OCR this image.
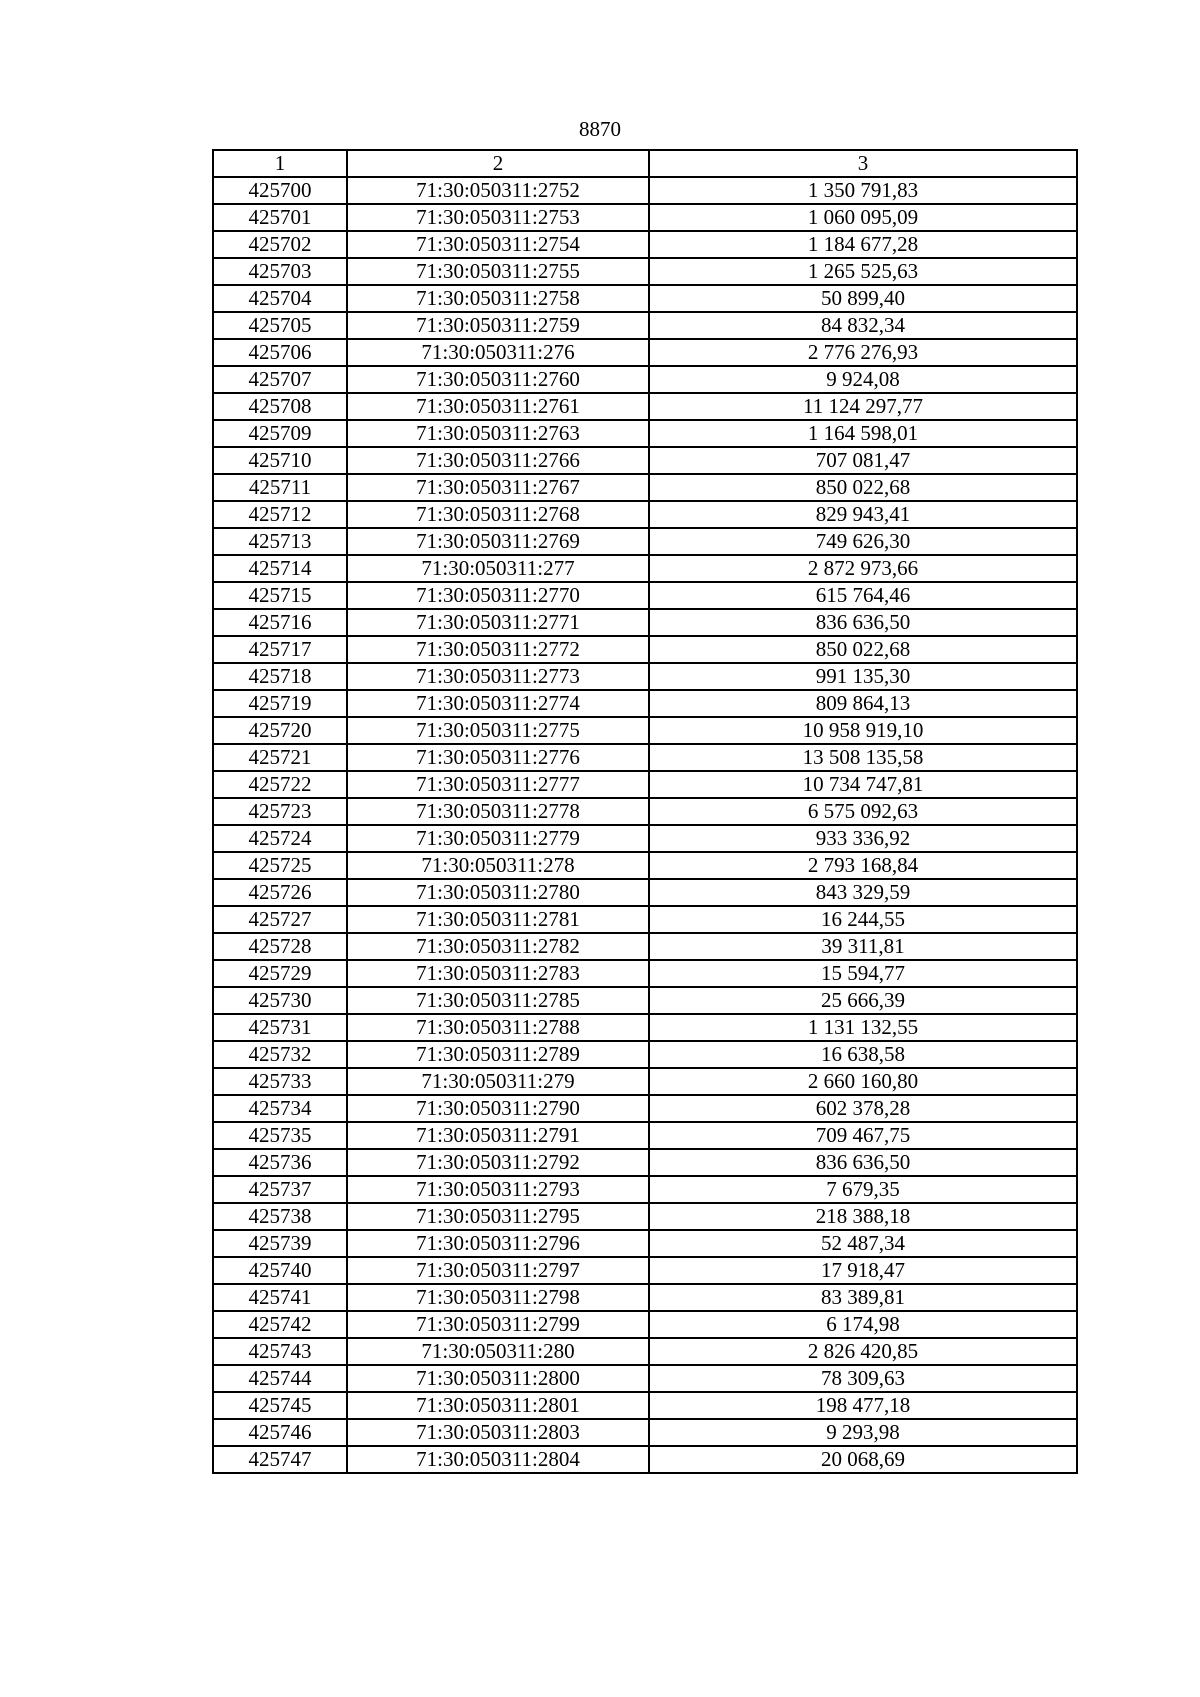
8870
1	2	3
425700	71:30:050311:2752	1 350 791,83
425701	71:30:050311:2753	1 060 095,09
425702	71:30:050311:2754	1 184 677,28
425703	71:30:050311:2755	1 265 525,63
425704	71:30:050311:2758	50 899,40
425705	71:30:050311:2759	84 832,34
425706	71:30:050311:276	2 776 276,93
425707	71:30:050311:2760	9 924,08
425708	71:30:050311:2761	11 124 297,77
425709	71:30:050311:2763	1 164 598,01
425710	71:30:050311:2766	707 081,47
425711	71:30:050311:2767	850 022,68
425712	71:30:050311:2768	829 943,41
425713	71:30:050311:2769	749 626,30
425714	71:30:050311:277	2 872 973,66
425715	71:30:050311:2770	615 764,46
425716	71:30:050311:2771	836 636,50
425717	71:30:050311:2772	850 022,68
425718	71:30:050311:2773	991 135,30
425719	71:30:050311:2774	809 864,13
425720	71:30:050311:2775	10 958 919,10
425721	71:30:050311:2776	13 508 135,58
425722	71:30:050311:2777	10 734 747,81
425723	71:30:050311:2778	6 575 092,63
425724	71:30:050311:2779	933 336,92
425725	71:30:050311:278	2 793 168,84
425726	71:30:050311:2780	843 329,59
425727	71:30:050311:2781	16 244,55
425728	71:30:050311:2782	39 311,81
425729	71:30:050311:2783	15 594,77
425730	71:30:050311:2785	25 666,39
425731	71:30:050311:2788	1 131 132,55
425732	71:30:050311:2789	16 638,58
425733	71:30:050311:279	2 660 160,80
425734	71:30:050311:2790	602 378,28
425735	71:30:050311:2791	709 467,75
425736	71:30:050311:2792	836 636,50
425737	71:30:050311:2793	7 679,35
425738	71:30:050311:2795	218 388,18
425739	71:30:050311:2796	52 487,34
425740	71:30:050311:2797	17 918,47
425741	71:30:050311:2798	83 389,81
425742	71:30:050311:2799	6 174,98
425743	71:30:050311:280	2 826 420,85
425744	71:30:050311:2800	78 309,63
425745	71:30:050311:2801	198 477,18
425746	71:30:050311:2803	9 293,98
425747	71:30:050311:2804	20 068,69
